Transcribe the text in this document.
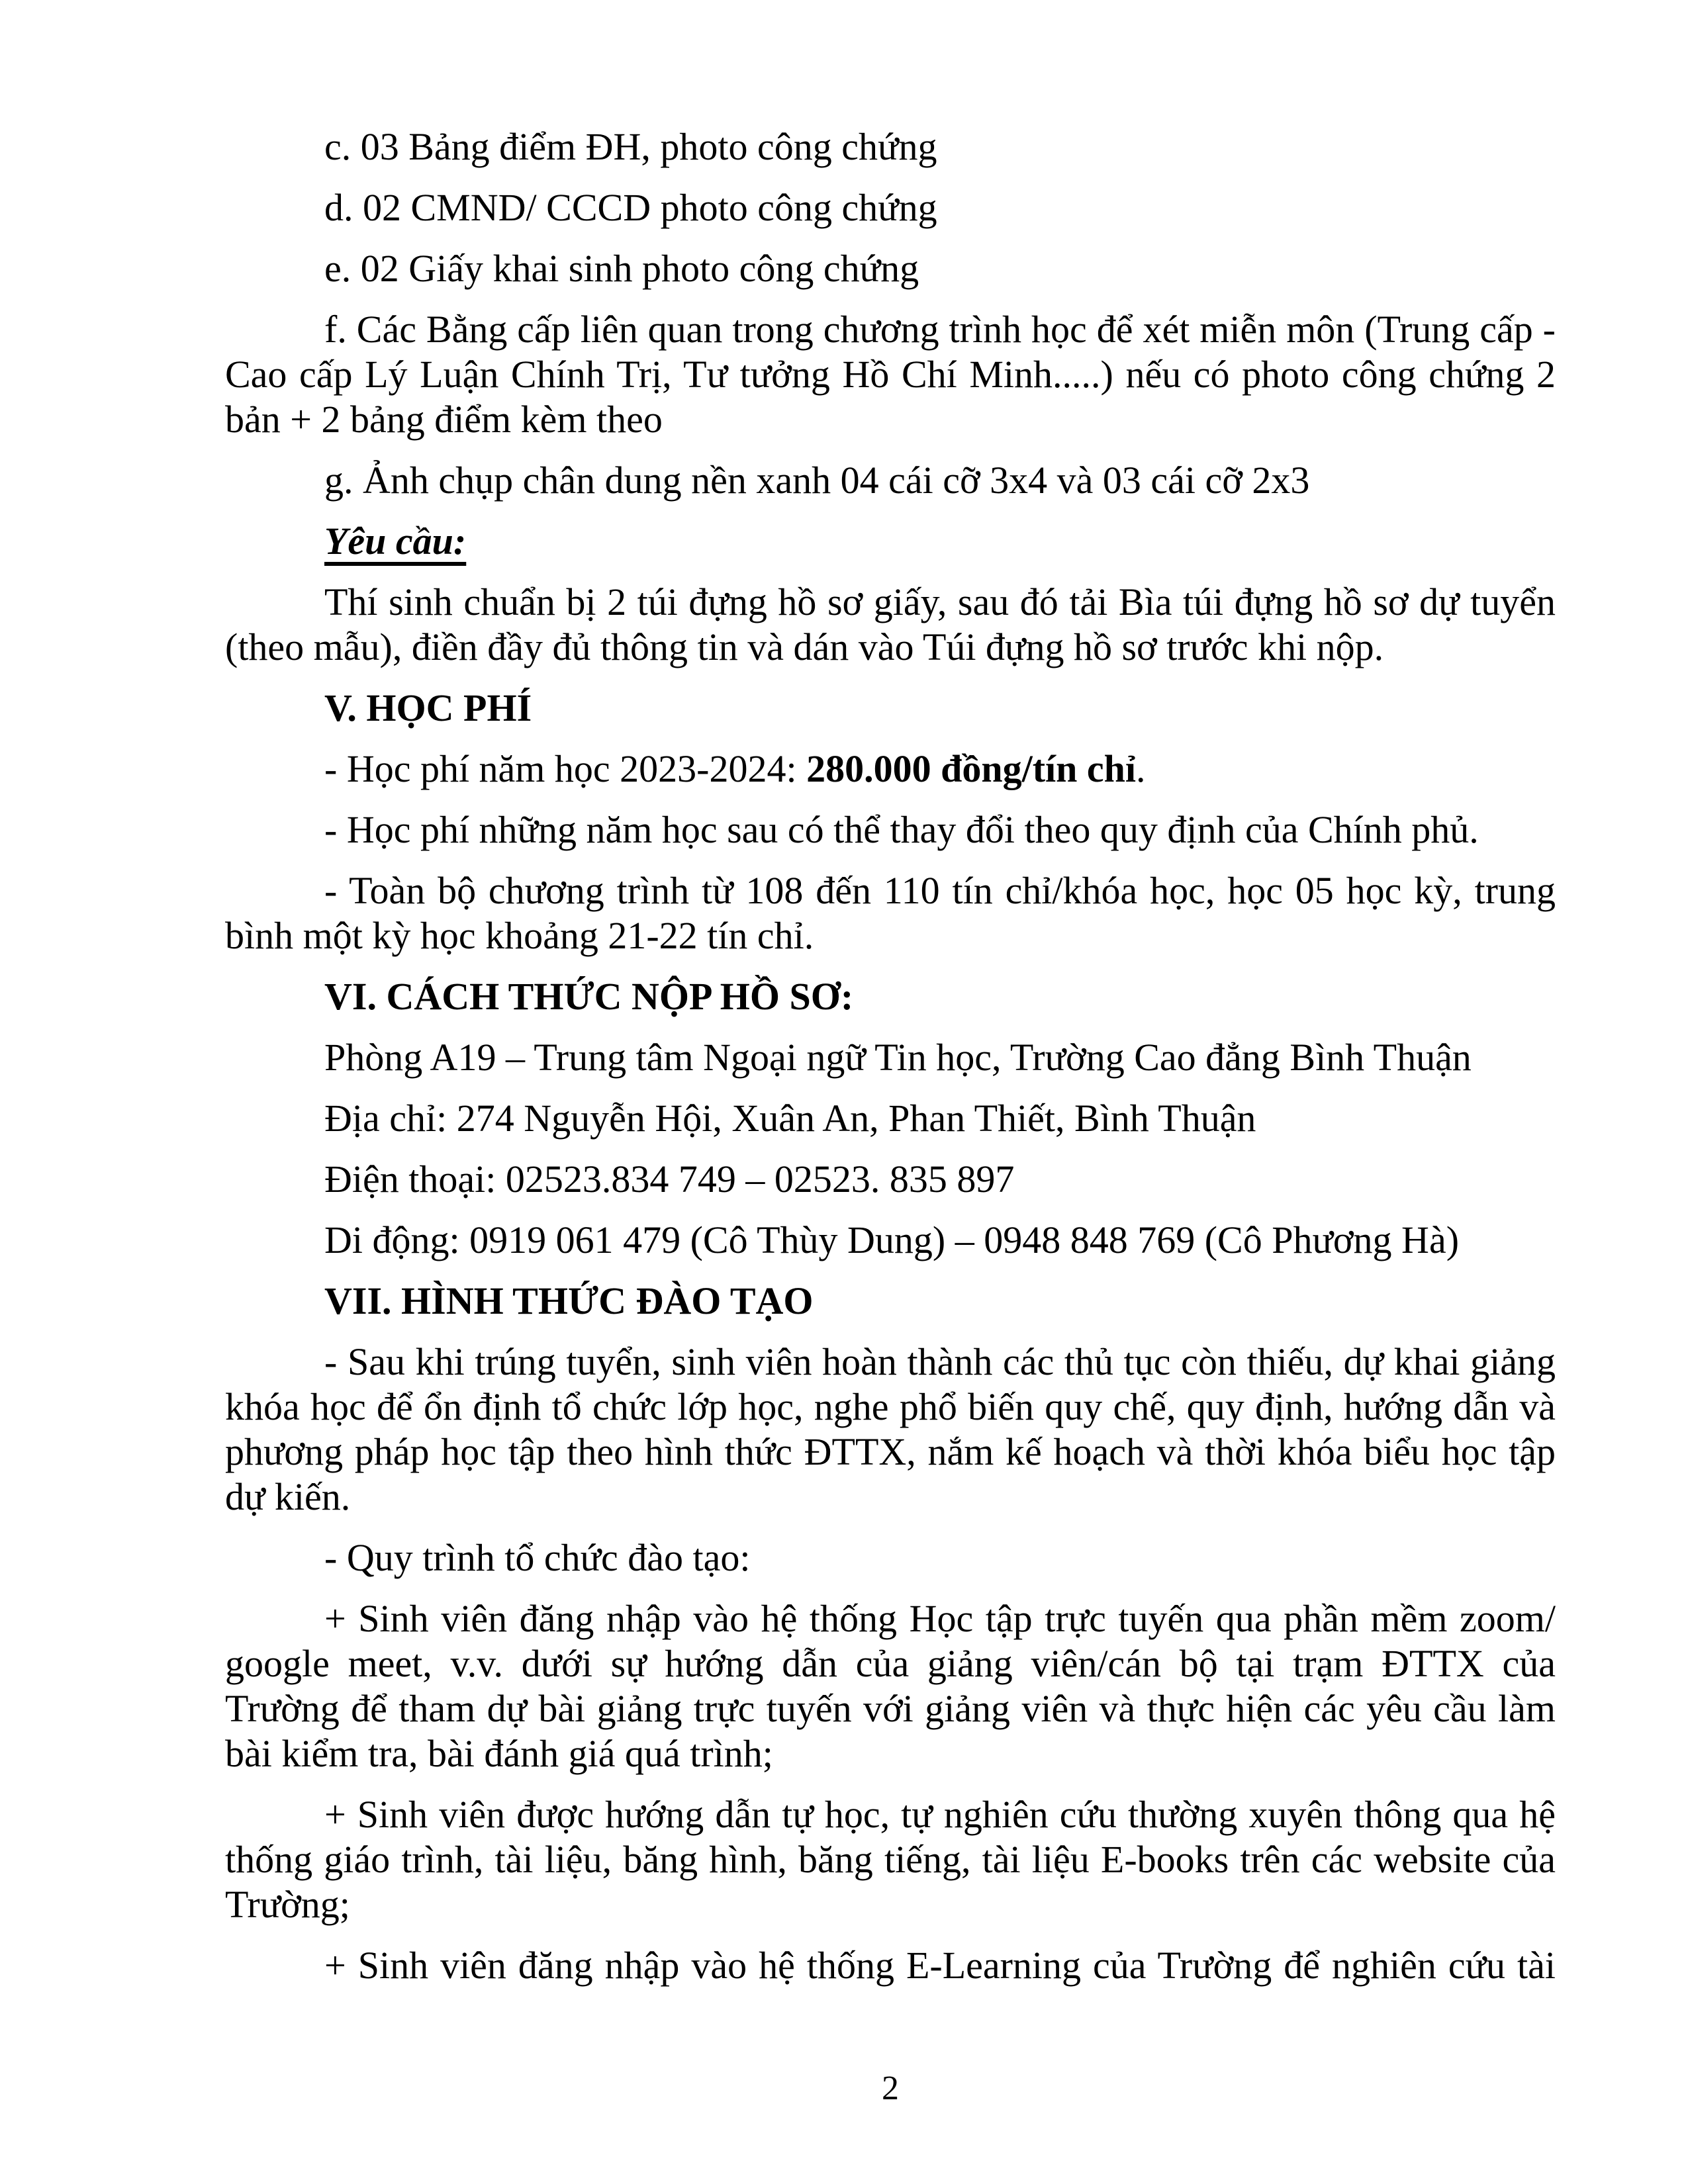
c. 03 Bảng điểm ĐH, photo công chứng

d. 02 CMND/ CCCD photo công chứng

e. 02 Giấy khai sinh photo công chứng

f. Các Bằng cấp liên quan trong chương trình học để xét miễn môn (Trung cấp - Cao cấp Lý Luận Chính Trị, Tư tưởng Hồ Chí Minh.....) nếu có photo công chứng 2 bản + 2 bảng điểm kèm theo

g. Ảnh chụp chân dung nền xanh 04 cái cỡ 3x4 và 03 cái cỡ 2x3

Yêu cầu:

Thí sinh chuẩn bị 2 túi đựng hồ sơ giấy, sau đó tải Bìa túi đựng hồ sơ dự tuyển (theo mẫu), điền đầy đủ thông tin và dán vào Túi đựng hồ sơ trước khi nộp.

V. HỌC PHÍ

- Học phí năm học 2023-2024: 280.000 đồng/tín chỉ.

- Học phí những năm học sau có thể thay đổi theo quy định của Chính phủ.

- Toàn bộ chương trình từ 108 đến 110 tín chỉ/khóa học, học 05 học kỳ, trung bình một kỳ học khoảng 21-22 tín chỉ.

VI. CÁCH THỨC NỘP HỒ SƠ:

Phòng A19 – Trung tâm Ngoại ngữ Tin học, Trường Cao đẳng Bình Thuận

Địa chỉ: 274 Nguyễn Hội, Xuân An, Phan Thiết, Bình Thuận

Điện thoại: 02523.834 749 – 02523. 835 897

Di động: 0919 061 479 (Cô Thùy Dung) – 0948 848 769 (Cô Phương Hà)

VII. HÌNH THỨC ĐÀO TẠO

- Sau khi trúng tuyển, sinh viên hoàn thành các thủ tục còn thiếu, dự khai giảng khóa học để ổn định tổ chức lớp học, nghe phổ biến quy chế, quy định, hướng dẫn và phương pháp học tập theo hình thức ĐTTX, nắm kế hoạch và thời khóa biểu học tập dự kiến.

- Quy trình tổ chức đào tạo:

+ Sinh viên đăng nhập vào hệ thống Học tập trực tuyến qua phần mềm zoom/ google meet, v.v. dưới sự hướng dẫn của giảng viên/cán bộ tại trạm ĐTTX của Trường để tham dự bài giảng trực tuyến với giảng viên và thực hiện các yêu cầu làm bài kiểm tra, bài đánh giá quá trình;

+ Sinh viên được hướng dẫn tự học, tự nghiên cứu thường xuyên thông qua hệ thống giáo trình, tài liệu, băng hình, băng tiếng, tài liệu E-books trên các website của Trường;

+ Sinh viên đăng nhập vào hệ thống E-Learning của Trường để nghiên cứu tài

2
